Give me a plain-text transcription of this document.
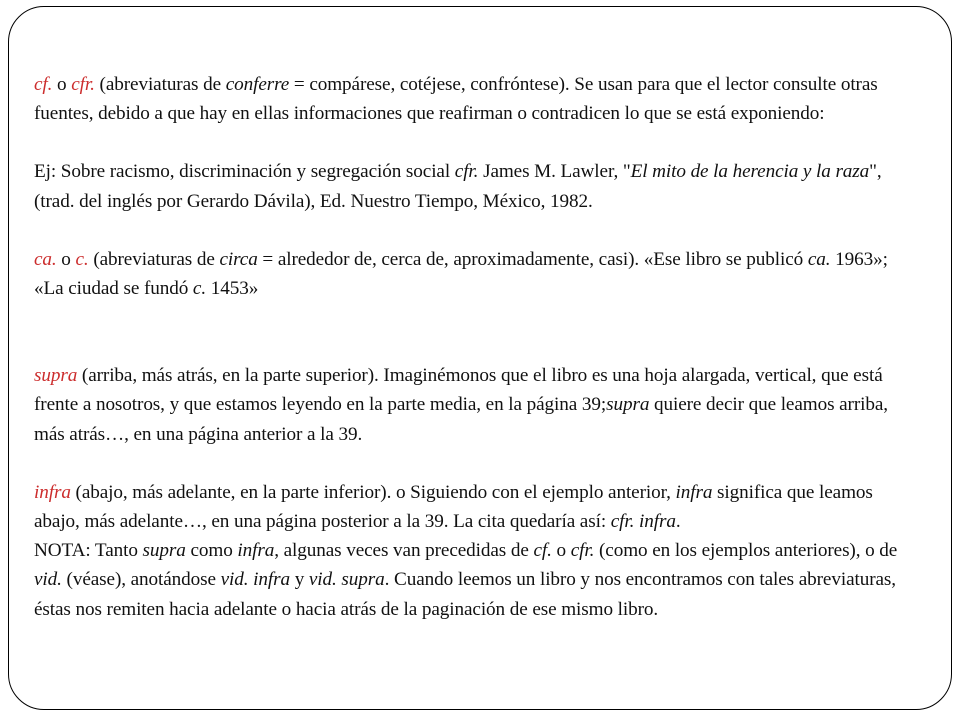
cf. o cfr. (abreviaturas de conferre = compárese, cotéjese, confróntese). Se usan para que el lector consulte otras fuentes, debido a que hay en ellas informaciones que reafirman o contradicen lo que se está exponiendo:

Ej: Sobre racismo, discriminación y segregación social cfr. James M. Lawler, "El mito de la herencia y la raza", (trad. del inglés por Gerardo Dávila), Ed. Nuestro Tiempo, México, 1982.

ca. o c. (abreviaturas de circa = alrededor de, cerca de, aproximadamente, casi). «Ese libro se publicó ca. 1963»; «La ciudad se fundó c. 1453»

supra (arriba, más atrás, en la parte superior). Imaginémonos que el libro es una hoja alargada, vertical, que está frente a nosotros, y que estamos leyendo en la parte media, en la página 39;supra quiere decir que leamos arriba, más atrás…, en una página anterior a la 39.

infra (abajo, más adelante, en la parte inferior). o Siguiendo con el ejemplo anterior, infra significa que leamos abajo, más adelante…, en una página posterior a la 39. La cita quedaría así: cfr. infra.

NOTA: Tanto supra como infra, algunas veces van precedidas de cf. o cfr. (como en los ejemplos anteriores), o de vid. (véase), anotándose vid. infra y vid. supra. Cuando leemos un libro y nos encontramos con tales abreviaturas, éstas nos remiten hacia adelante o hacia atrás de la paginación de ese mismo libro.
